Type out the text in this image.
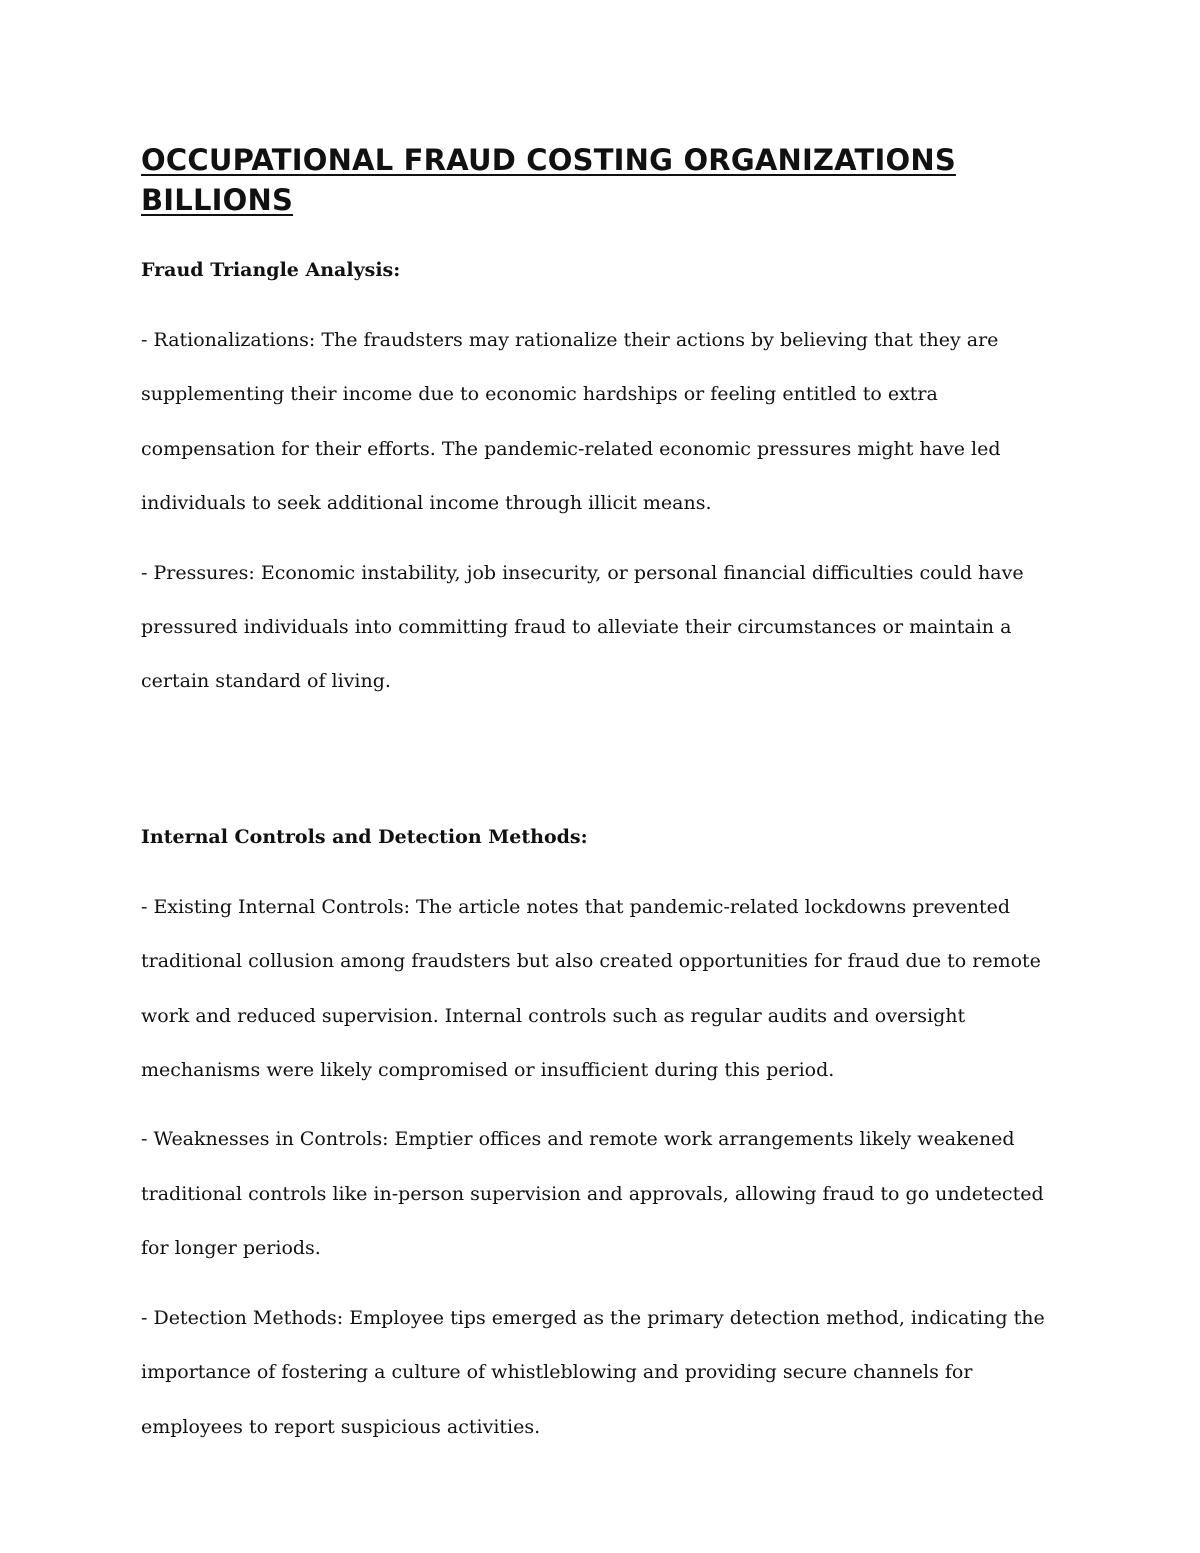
OCCUPATIONAL FRAUD COSTING ORGANIZATIONS BILLIONS
Fraud Triangle Analysis:

- Rationalizations: The fraudsters may rationalize their actions by believing that they are supplementing their income due to economic hardships or feeling entitled to extra compensation for their efforts. The pandemic-related economic pressures might have led individuals to seek additional income through illicit means.

- Pressures: Economic instability, job insecurity, or personal financial difficulties could have pressured individuals into committing fraud to alleviate their circumstances or maintain a certain standard of living.

Internal Controls and Detection Methods:

- Existing Internal Controls: The article notes that pandemic-related lockdowns prevented traditional collusion among fraudsters but also created opportunities for fraud due to remote work and reduced supervision. Internal controls such as regular audits and oversight mechanisms were likely compromised or insufficient during this period.

- Weaknesses in Controls: Emptier offices and remote work arrangements likely weakened traditional controls like in-person supervision and approvals, allowing fraud to go undetected for longer periods.

- Detection Methods: Employee tips emerged as the primary detection method, indicating the importance of fostering a culture of whistleblowing and providing secure channels for employees to report suspicious activities.
